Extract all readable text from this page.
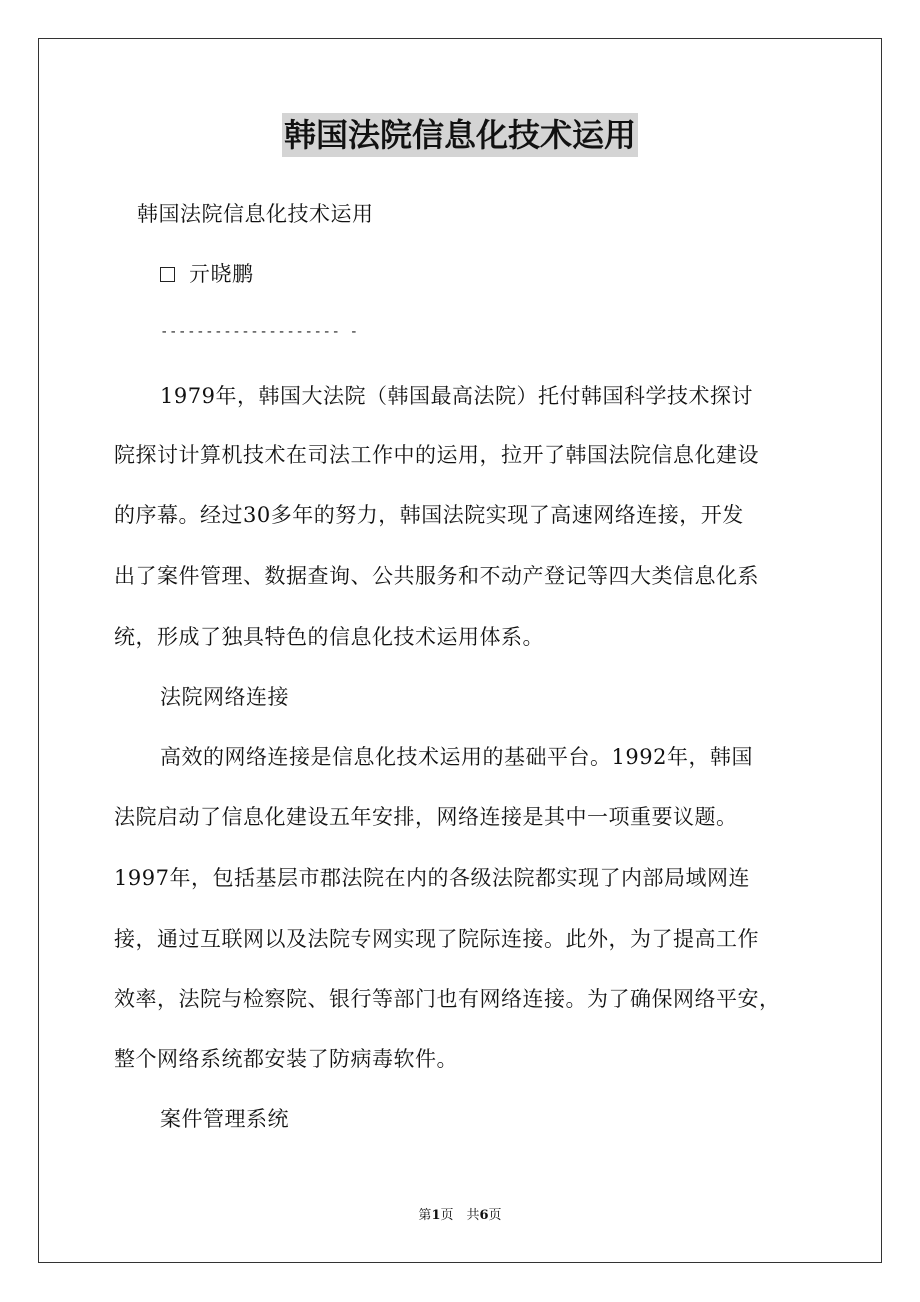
韩国法院信息化技术运用
韩国法院信息化技术运用
亓晓鹏
-------------------- -
1979年，韩国大法院（韩国最高法院）托付韩国科学技术探讨
院探讨计算机技术在司法工作中的运用，拉开了韩国法院信息化建设
的序幕。经过30多年的努力，韩国法院实现了高速网络连接，开发
出了案件管理、数据查询、公共服务和不动产登记等四大类信息化系
统，形成了独具特色的信息化技术运用体系。
法院网络连接
高效的网络连接是信息化技术运用的基础平台。1992年，韩国
法院启动了信息化建设五年安排，网络连接是其中一项重要议题。
1997年，包括基层市郡法院在内的各级法院都实现了内部局域网连
接，通过互联网以及法院专网实现了院际连接。此外，为了提高工作
效率，法院与检察院、银行等部门也有网络连接。为了确保网络平安，
整个网络系统都安装了防病毒软件。
案件管理系统
第1页　共6页
